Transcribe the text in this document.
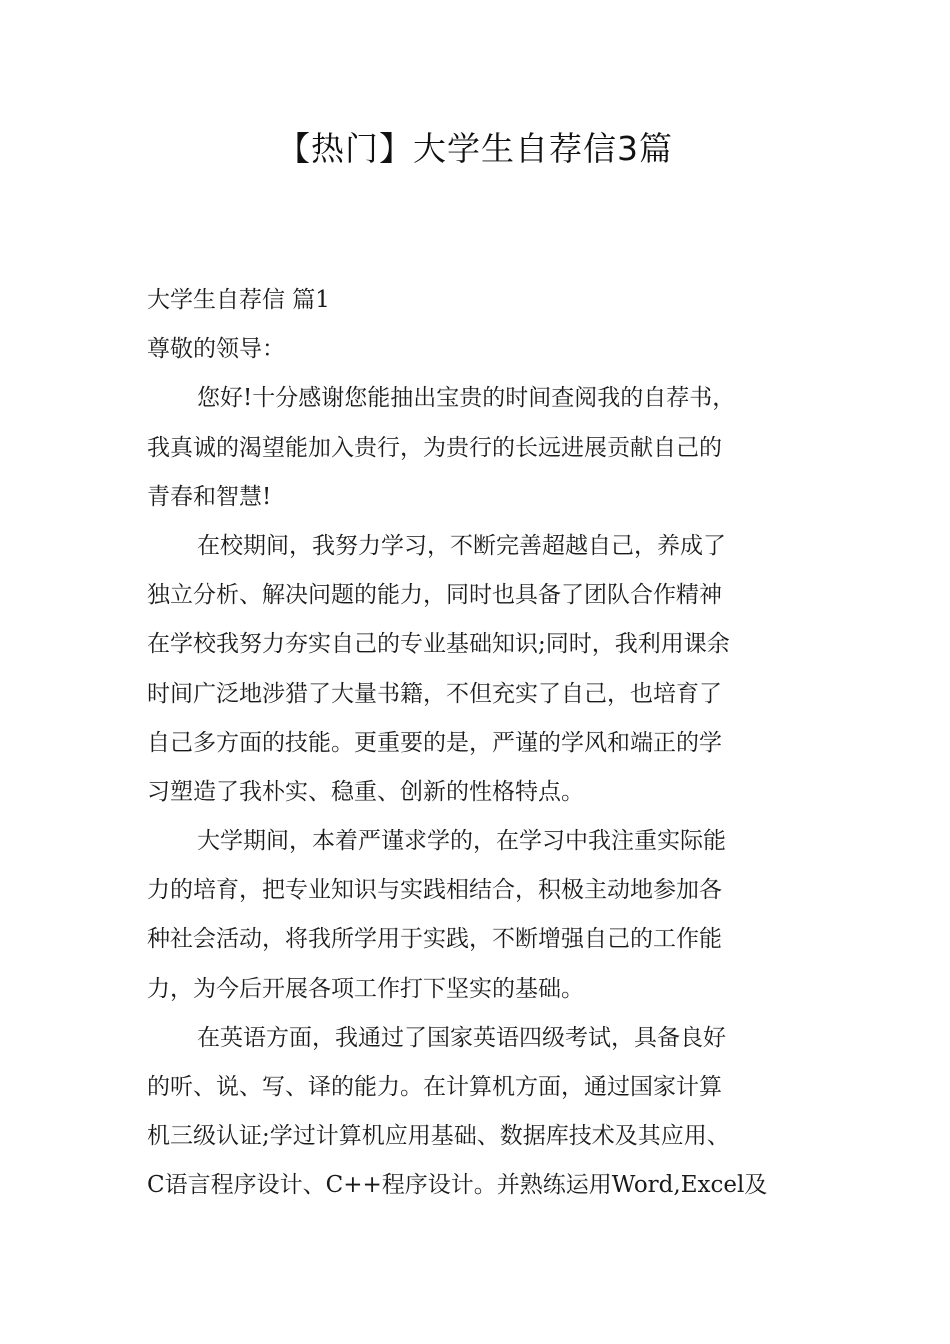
【热门】大学生自荐信3篇
大学生自荐信 篇1
尊敬的领导：
您好!十分感谢您能抽出宝贵的时间查阅我的自荐书，
我真诚的渴望能加入贵行，为贵行的长远进展贡献自己的
青春和智慧!
在校期间，我努力学习，不断完善超越自己，养成了
独立分析、解决问题的能力，同时也具备了团队合作精神
在学校我努力夯实自己的专业基础知识;同时，我利用课余
时间广泛地涉猎了大量书籍，不但充实了自己，也培育了
自己多方面的技能。更重要的是，严谨的学风和端正的学
习塑造了我朴实、稳重、创新的性格特点。
大学期间，本着严谨求学的，在学习中我注重实际能
力的培育，把专业知识与实践相结合，积极主动地参加各
种社会活动，将我所学用于实践，不断增强自己的工作能
力，为今后开展各项工作打下坚实的基础。
在英语方面，我通过了国家英语四级考试，具备良好
的听、说、写、译的能力。在计算机方面，通过国家计算
机三级认证;学过计算机应用基础、数据库技术及其应用、
C语言程序设计、C++程序设计。并熟练运用Word,Excel及
